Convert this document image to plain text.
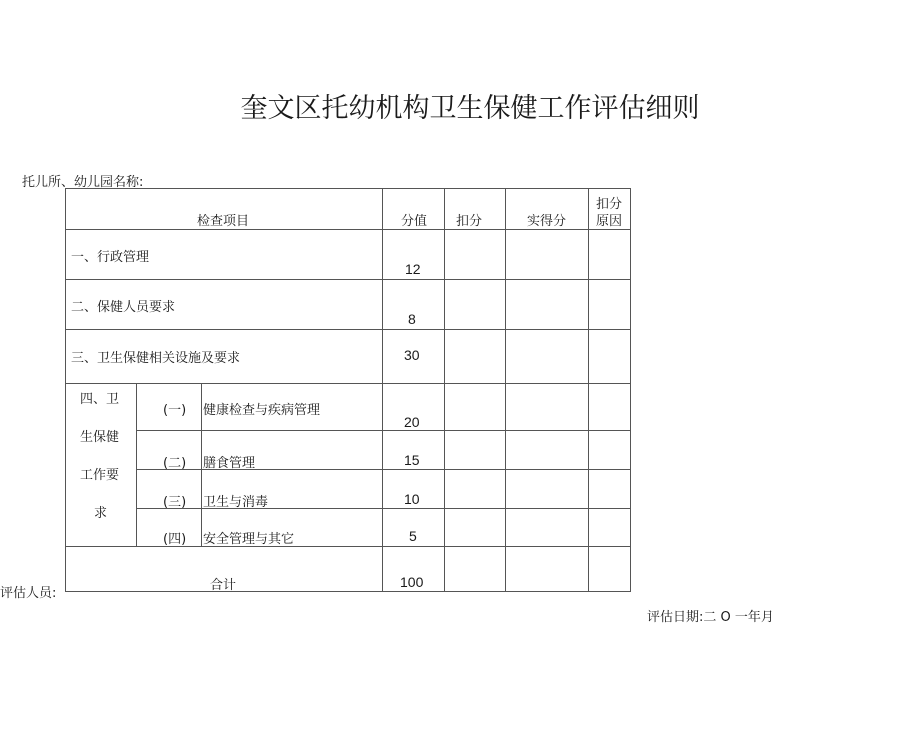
奎文区托幼机构卫生保健工作评估细则
托儿所、幼儿园名称:
检查项目			分值	扣分	实得分	扣分
原因

一、行政管理			12			

二、保健人员要求			8			

三、卫生保健相关设施及要求			30			

四、卫
生保健
工作要
求	(一)	健康检查与疾病管理	20			

	(二)	膳食管理	15			

	(三)	卫生与消毒	10			

	(四)	安全管理与其它	5			

合计			100			

评估人员:
评估日期:二 O 一年月
